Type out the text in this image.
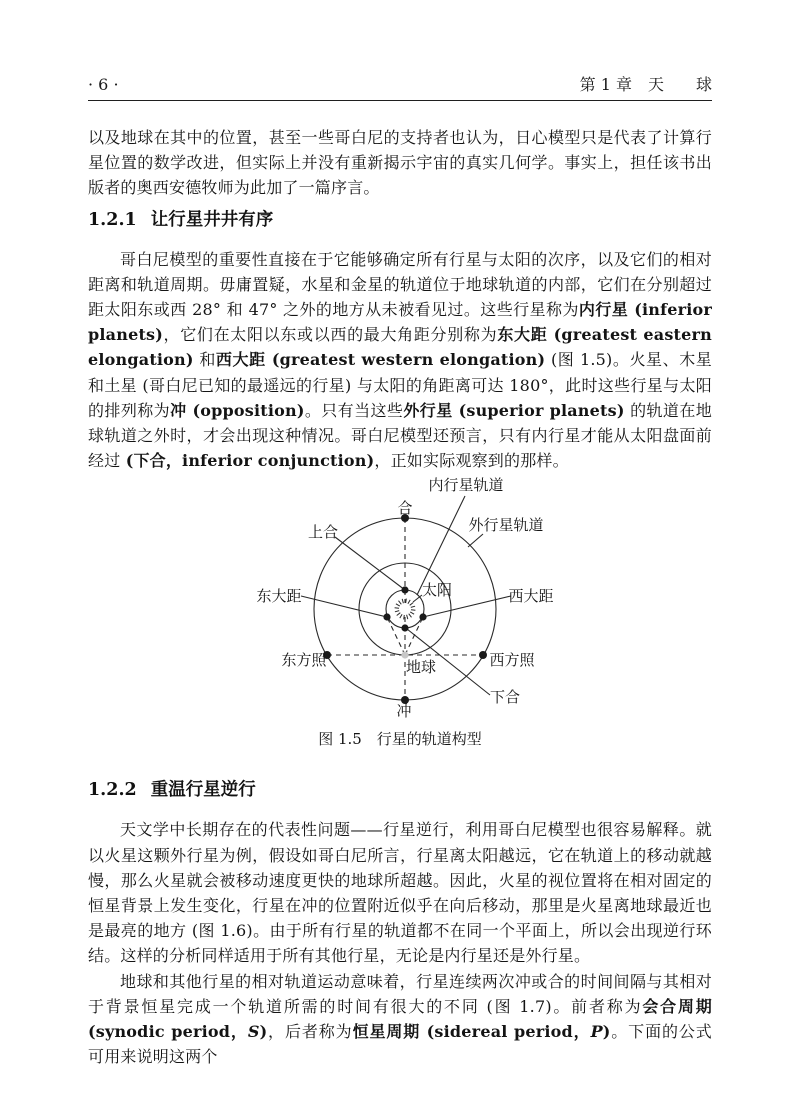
· 6 ·	第 1 章　天　　球

以及地球在其中的位置，甚至一些哥白尼的支持者也认为，日心模型只是代表了计算行星位置的数学改进，但实际上并没有重新揭示宇宙的真实几何学。事实上，担任该书出版者的奥西安德牧师为此加了一篇序言。

1.2.1 让行星井井有序

哥白尼模型的重要性直接在于它能够确定所有行星与太阳的次序，以及它们的相对距离和轨道周期。毋庸置疑，水星和金星的轨道位于地球轨道的内部，它们在分别超过距太阳东或西 28° 和 47° 之外的地方从未被看见过。这些行星称为内行星 (inferior planets)，它们在太阳以东或以西的最大角距分别称为东大距 (greatest eastern elongation) 和西大距 (greatest western elongation) (图 1.5)。火星、木星和土星 (哥白尼已知的最遥远的行星) 与太阳的角距离可达 180°，此时这些行星与太阳的排列称为冲 (opposition)。只有当这些外行星 (superior planets) 的轨道在地球轨道之外时，才会出现这种情况。哥白尼模型还预言，只有内行星才能从太阳盘面前经过 (下合，inferior conjunction)，正如实际观察到的那样。

内行星轨道
合
外行星轨道
上合
东大距	太阳	西大距
东方照	西方照
地球
下合
冲
图 1.5　行星的轨道构型
1.2.2 重温行星逆行

天文学中长期存在的代表性问题——行星逆行，利用哥白尼模型也很容易解释。就以火星这颗外行星为例，假设如哥白尼所言，行星离太阳越远，它在轨道上的移动就越慢，那么火星就会被移动速度更快的地球所超越。因此，火星的视位置将在相对固定的恒星背景上发生变化，行星在冲的位置附近似乎在向后移动，那里是火星离地球最近也是最亮的地方 (图 1.6)。由于所有行星的轨道都不在同一个平面上，所以会出现逆行环结。这样的分析同样适用于所有其他行星，无论是内行星还是外行星。

地球和其他行星的相对轨道运动意味着，行星连续两次冲或合的时间间隔与其相对于背景恒星完成一个轨道所需的时间有很大的不同 (图 1.7)。前者称为会合周期 (synodic period，S)，后者称为恒星周期 (sidereal period，P)。下面的公式可用来说明这两个
